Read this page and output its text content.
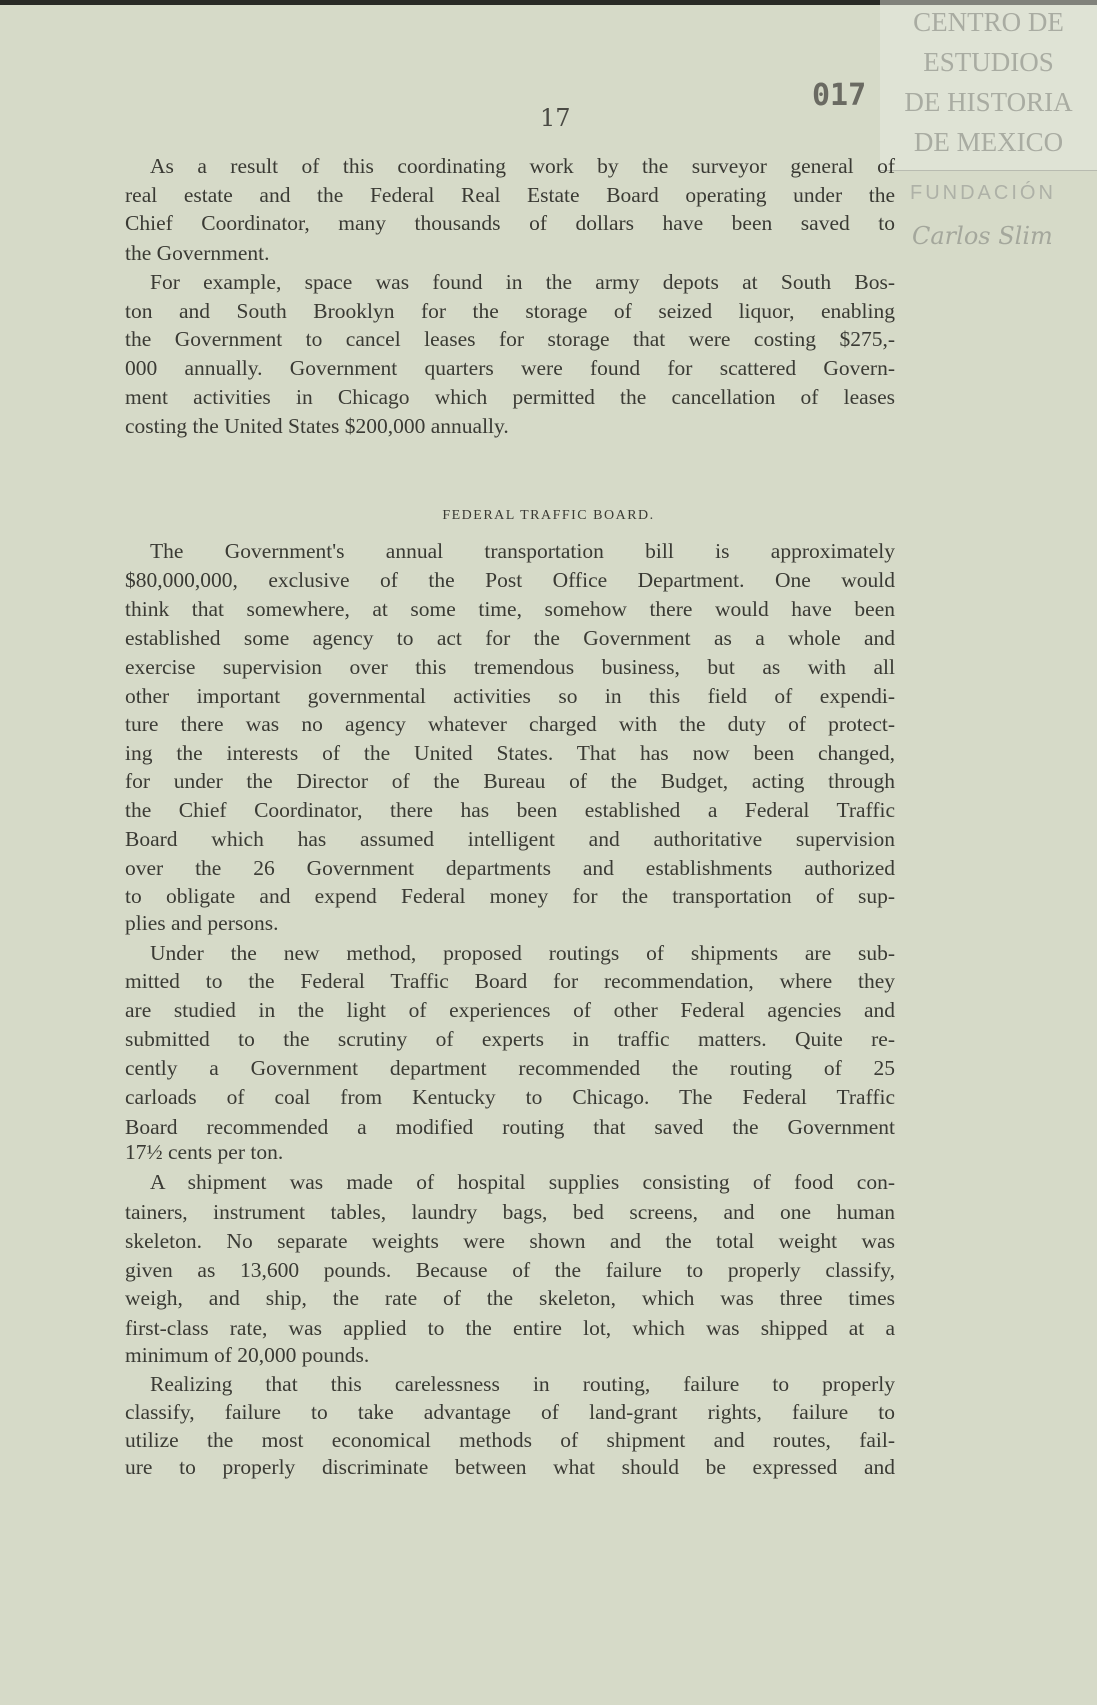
CENTRO DE
ESTUDIOS
DE HISTORIA
DE MEXICO
FUNDACIÓN
Carlos Slim
017
17
FEDERAL TRAFFIC BOARD.
As a result of this coordinating work by the surveyor general of
real estate and the Federal Real Estate Board operating under the
Chief Coordinator, many thousands of dollars have been saved to
the Government.
For example, space was found in the army depots at South Bos-
ton and South Brooklyn for the storage of seized liquor, enabling
the Government to cancel leases for storage that were costing $275,-
000 annually. Government quarters were found for scattered Govern-
ment activities in Chicago which permitted the cancellation of leases
costing the United States $200,000 annually.
The Government's annual transportation bill is approximately
$80,000,000, exclusive of the Post Office Department. One would
think that somewhere, at some time, somehow there would have been
established some agency to act for the Government as a whole and
exercise supervision over this tremendous business, but as with all
other important governmental activities so in this field of expendi-
ture there was no agency whatever charged with the duty of protect-
ing the interests of the United States. That has now been changed,
for under the Director of the Bureau of the Budget, acting through
the Chief Coordinator, there has been established a Federal Traffic
Board which has assumed intelligent and authoritative supervision
over the 26 Government departments and establishments authorized
to obligate and expend Federal money for the transportation of sup-
plies and persons.
Under the new method, proposed routings of shipments are sub-
mitted to the Federal Traffic Board for recommendation, where they
are studied in the light of experiences of other Federal agencies and
submitted to the scrutiny of experts in traffic matters. Quite re-
cently a Government department recommended the routing of 25
carloads of coal from Kentucky to Chicago. The Federal Traffic
Board recommended a modified routing that saved the Government
17½ cents per ton.
A shipment was made of hospital supplies consisting of food con-
tainers, instrument tables, laundry bags, bed screens, and one human
skeleton. No separate weights were shown and the total weight was
given as 13,600 pounds. Because of the failure to properly classify,
weigh, and ship, the rate of the skeleton, which was three times
first-class rate, was applied to the entire lot, which was shipped at a
minimum of 20,000 pounds.
Realizing that this carelessness in routing, failure to properly
classify, failure to take advantage of land-grant rights, failure to
utilize the most economical methods of shipment and routes, fail-
ure to properly discriminate between what should be expressed and
